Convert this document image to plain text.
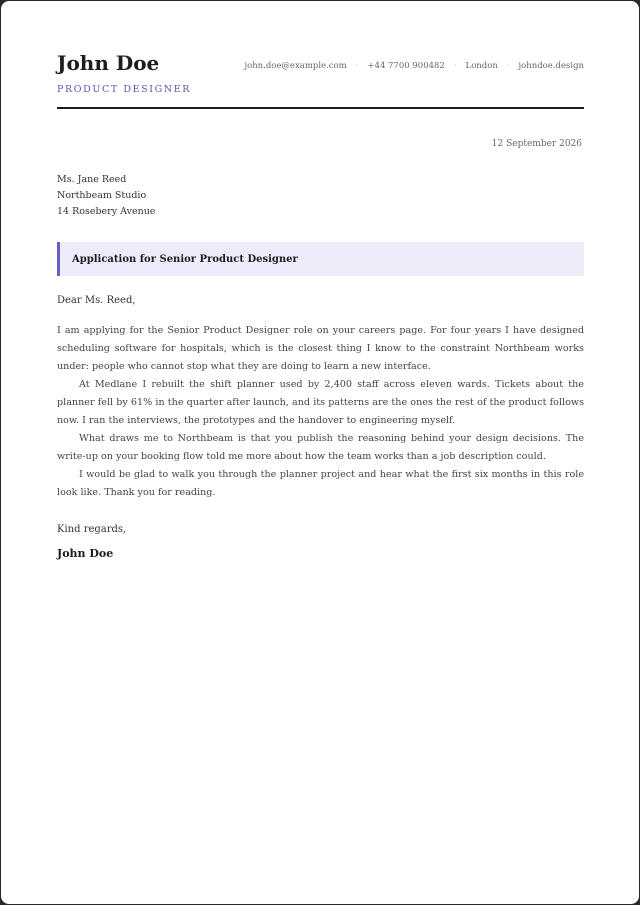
John Doe
PRODUCT DESIGNER
john.doe@example.com · +44 7700 900482 · London · johndoe.design
12 September 2026
Ms. Jane Reed
Northbeam Studio
14 Rosebery Avenue
Application for Senior Product Designer
Dear Ms. Reed,

I am applying for the Senior Product Designer role on your careers page. For four years I have designed scheduling software for hospitals, which is the closest thing I know to the constraint Northbeam works under: people who cannot stop what they are doing to learn a new interface.

At Medlane I rebuilt the shift planner used by 2,400 staff across eleven wards. Tickets about the planner fell by 61% in the quarter after launch, and its patterns are the ones the rest of the product follows now. I ran the interviews, the prototypes and the handover to engineering myself.

What draws me to Northbeam is that you publish the reasoning behind your design decisions. The write-up on your booking flow told me more about how the team works than a job description could.

I would be glad to walk you through the planner project and hear what the first six months in this role look like. Thank you for reading.

Kind regards,
John Doe
